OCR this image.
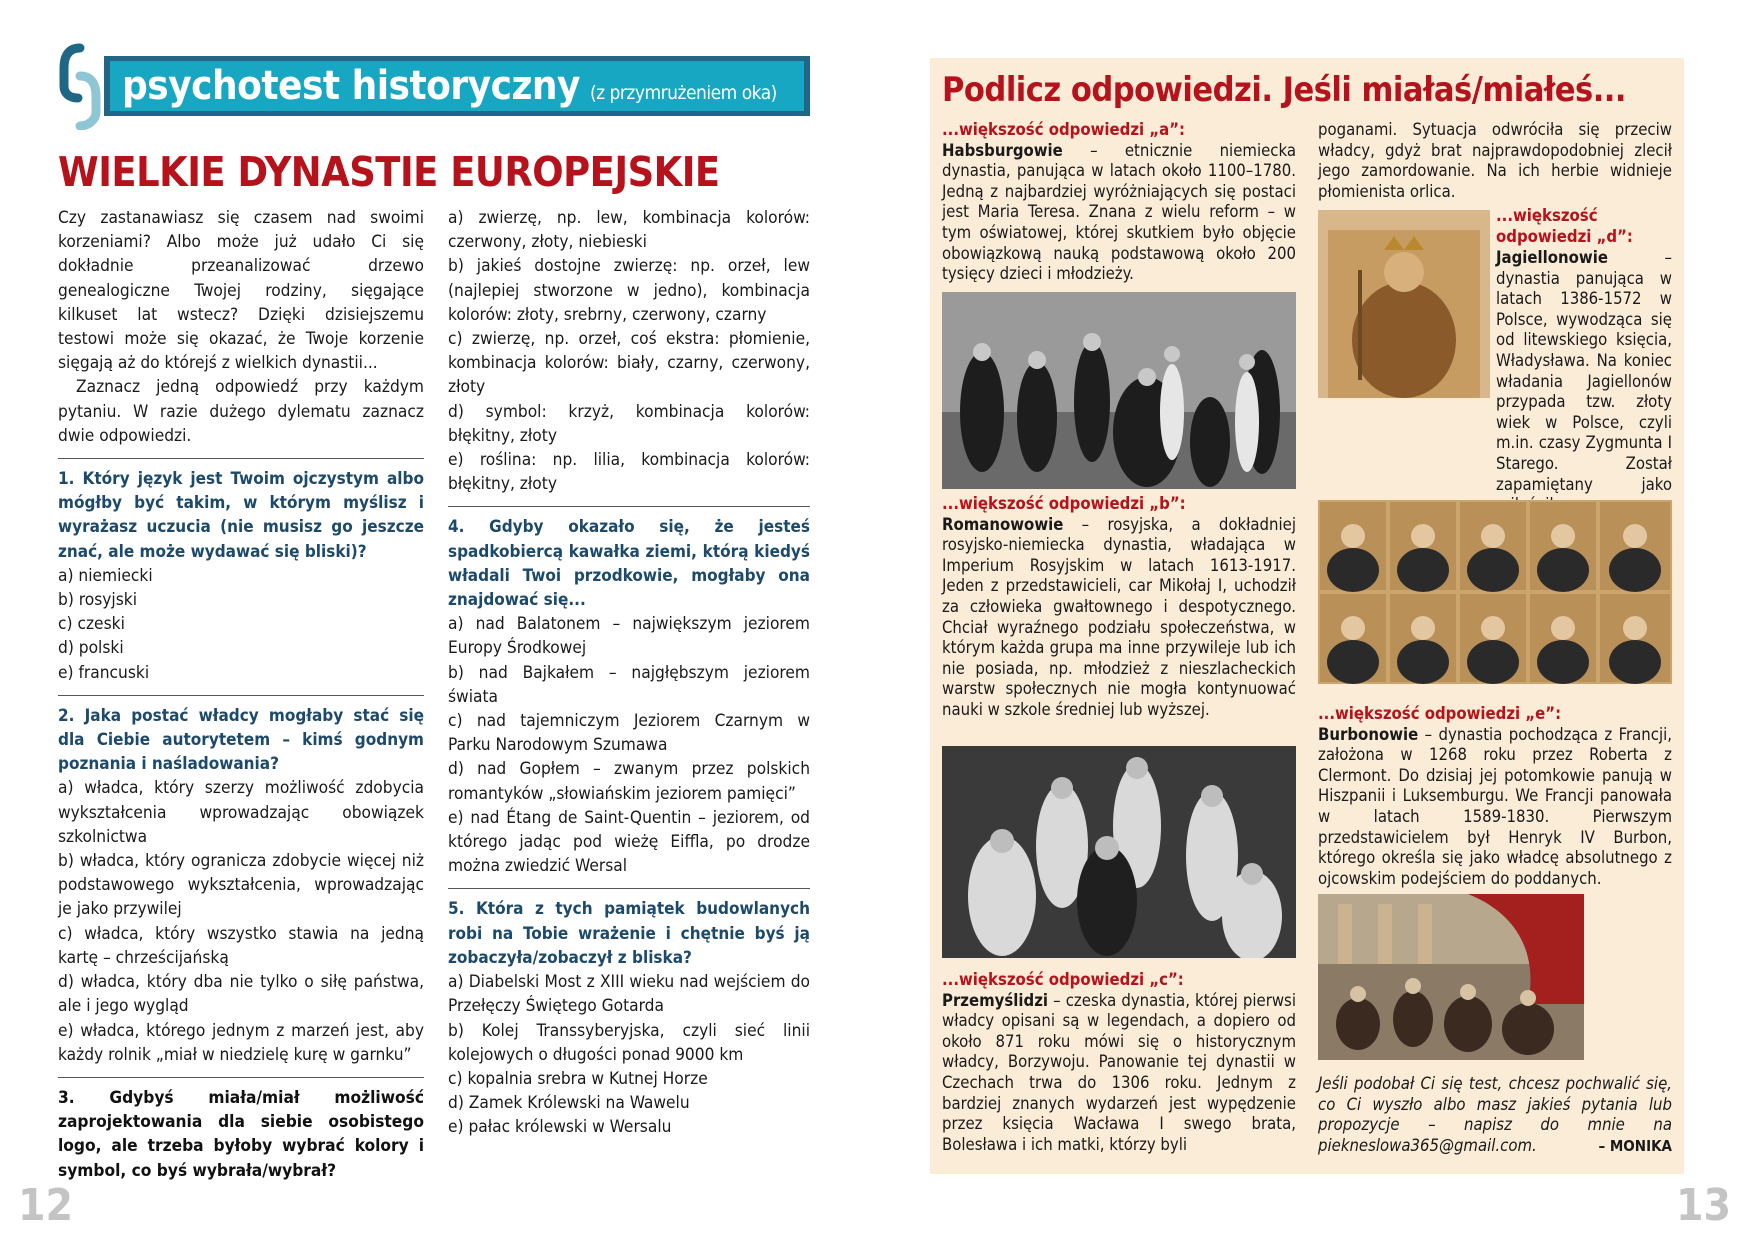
psychotest historyczny (z przymrużeniem oka)
WIELKIE DYNASTIE EUROPEJSKIE

Czy zastanawiasz się czasem nad swoimi korzeniami? Albo może już udało Ci się dokładnie przeanalizować drzewo genealogiczne Twojej rodziny, sięgające kilkuset lat wstecz? Dzięki dzisiejszemu testowi może się okazać, że Twoje korzenie sięgają aż do którejś z wielkich dynastii...

Zaznacz jedną odpowiedź przy każdym pytaniu. W razie dużego dylematu zaznacz dwie odpowiedzi.

1. Który język jest Twoim ojczystym albo mógłby być takim, w którym myślisz i wyrażasz uczucia (nie musisz go jeszcze znać, ale może wydawać się bliski)?

a) niemiecki

b) rosyjski

c) czeski

d) polski

e) francuski

2. Jaka postać władcy mogłaby stać się dla Ciebie autorytetem – kimś godnym poznania i naśladowania?

a) władca, który szerzy możliwość zdobycia wykształcenia wprowadzając obowiązek szkolnictwa

b) władca, który ogranicza zdobycie więcej niż podstawowego wykształcenia, wprowadzając je jako przywilej

c) władca, który wszystko stawia na jedną kartę – chrześcijańską

d) władca, który dba nie tylko o siłę państwa, ale i jego wygląd

e) władca, którego jednym z marzeń jest, aby każdy rolnik „miał w niedzielę kurę w garnku”

3. Gdybyś miała/miał możliwość zaprojektowania dla siebie osobistego logo, ale trzeba byłoby wybrać kolory i symbol, co byś wybrała/wybrał?

a) zwierzę, np. lew, kombinacja kolorów: czerwony, złoty, niebieski

b) jakieś dostojne zwierzę: np. orzeł, lew (najlepiej stworzone w jedno), kombinacja kolorów: złoty, srebrny, czerwony, czarny

c) zwierzę, np. orzeł, coś ekstra: płomienie, kombinacja kolorów: biały, czarny, czerwony, złoty

d) symbol: krzyż, kombinacja kolorów: błękitny, złoty

e) roślina: np. lilia, kombinacja kolorów: błękitny, złoty

4. Gdyby okazało się, że jesteś spadkobiercą kawałka ziemi, którą kiedyś władali Twoi przodkowie, mogłaby ona znajdować się...

a) nad Balatonem – największym jeziorem Europy Środkowej

b) nad Bajkałem – najgłębszym jeziorem świata

c) nad tajemniczym Jeziorem Czarnym w Parku Narodowym Szumawa

d) nad Gopłem – zwanym przez polskich romantyków „słowiańskim jeziorem pamięci”

e) nad Étang de Saint-Quentin – jeziorem, od którego jadąc pod wieżę Eiffla, po drodze można zwiedzić Wersal

5. Która z tych pamiątek budowlanych robi na Tobie wrażenie i chętnie byś ją zobaczyła/zobaczył z bliska?

a) Diabelski Most z XIII wieku nad wejściem do Przełęczy Świętego Gotarda

b) Kolej Transsyberyjska, czyli sieć linii kolejowych o długości ponad 9000 km

c) kopalnia srebra w Kutnej Horze

d) Zamek Królewski na Wawelu

e) pałac królewski w Wersalu

12
Podlicz odpowiedzi. Jeśli miałaś/miałeś...

...większość odpowiedzi „a”:

Habsburgowie – etnicznie niemiecka dynastia, panująca w latach około 1100–1780. Jedną z najbardziej wyróżniających się postaci jest Maria Teresa. Znana z wielu reform – w tym oświatowej, której skutkiem było objęcie obowiązkową nauką podstawową około 200 tysięcy dzieci i młodzieży.

...większość odpowiedzi „b”:

Romanowowie – rosyjska, a dokładniej rosyjsko-niemiecka dynastia, władająca w Imperium Rosyjskim w latach 1613-1917. Jeden z przedstawicieli, car Mikołaj I, uchodził za człowieka gwałtownego i despotycznego. Chciał wyraźnego podziału społeczeństwa, w którym każda grupa ma inne przywileje lub ich nie posiada, np. młodzież z nieszlacheckich warstw społecznych nie mogła kontynuować nauki w szkole średniej lub wyższej.

...większość odpowiedzi „c”:

Przemyślidzi – czeska dynastia, której pierwsi władcy opisani są w legendach, a dopiero od około 871 roku mówi się o historycznym władcy, Borzywoju. Panowanie tej dynastii w Czechach trwa do 1306 roku. Jednym z bardziej znanych wydarzeń jest wypędzenie przez księcia Wacława I swego brata, Bolesława i ich matki, którzy byli

poganami. Sytuacja odwróciła się przeciw władcy, gdyż brat najprawdopodobniej zlecił jego zamordowanie. Na ich herbie widnieje płomienista orlica.

...większość odpowiedzi „d”:

Jagiellonowie	– dynastia panująca w latach 1386-1572 w Polsce, wywodząca się od litewskiego księcia, Władysława. Na koniec władania Jagiellonów przypada tzw. złoty wiek w Polsce, czyli m.in. czasy Zygmunta I Starego. Został zapamiętany jako

...większość odpowiedzi „e”:

Burbonowie – dynastia pochodząca z Francji, założona w 1268 roku przez Roberta z Clermont. Do dzisiaj jej potomkowie panują w Hiszpanii i Luksemburgu. We Francji panowała w latach 1589-1830. Pierwszym przedstawicielem był Henryk IV Burbon, którego określa się jako władcę absolutnego z ojcowskim podejściem do poddanych.

Jeśli podobał Ci się test, chcesz pochwalić się, co Ci wyszło albo masz jakieś pytania lub propozycje – napisz do mnie na piekneslowa365@gmail.com.	– MONIKA

13
